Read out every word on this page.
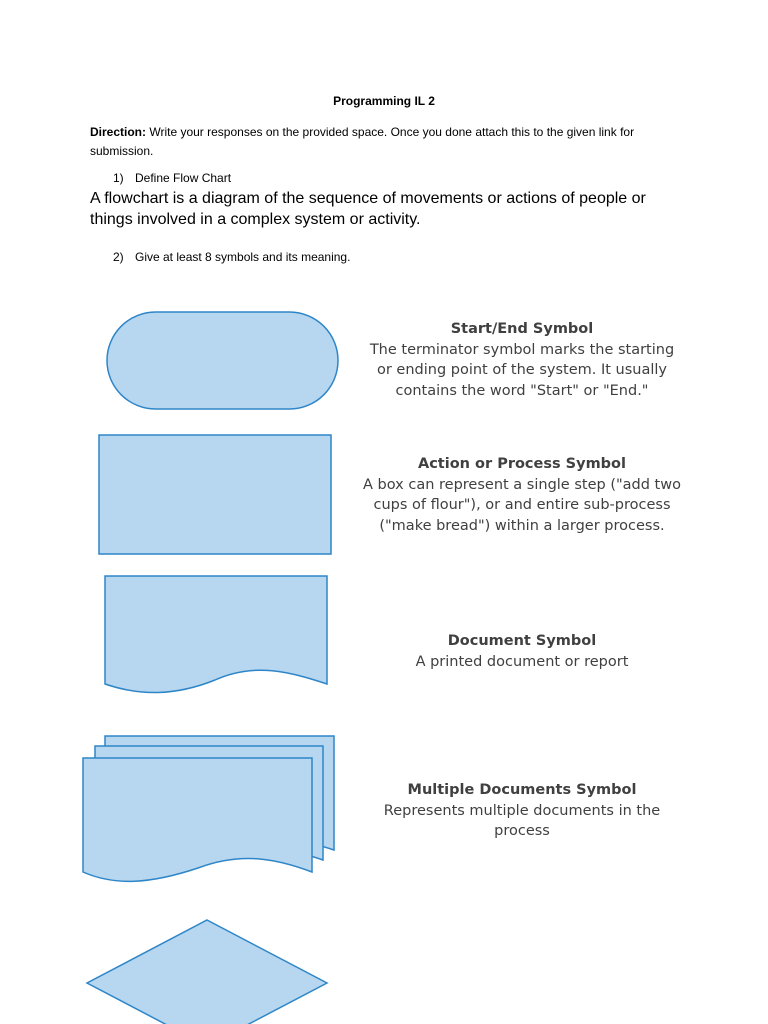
Programming IL 2
Direction: Write your responses on the provided space. Once you done attach this to the given link for submission.
1) Define Flow Chart
A flowchart is a diagram of the sequence of movements or actions of people or things involved in a complex system or activity.
2) Give at least 8 symbols and its meaning.
Start/End Symbol
The terminator symbol marks the starting or ending point of the system. It usually contains the word "Start" or "End."
Action or Process Symbol
A box can represent a single step ("add two cups of flour"), or and entire sub-process ("make bread") within a larger process.
Document Symbol
A printed document or report
Multiple Documents Symbol
Represents multiple documents in the process
